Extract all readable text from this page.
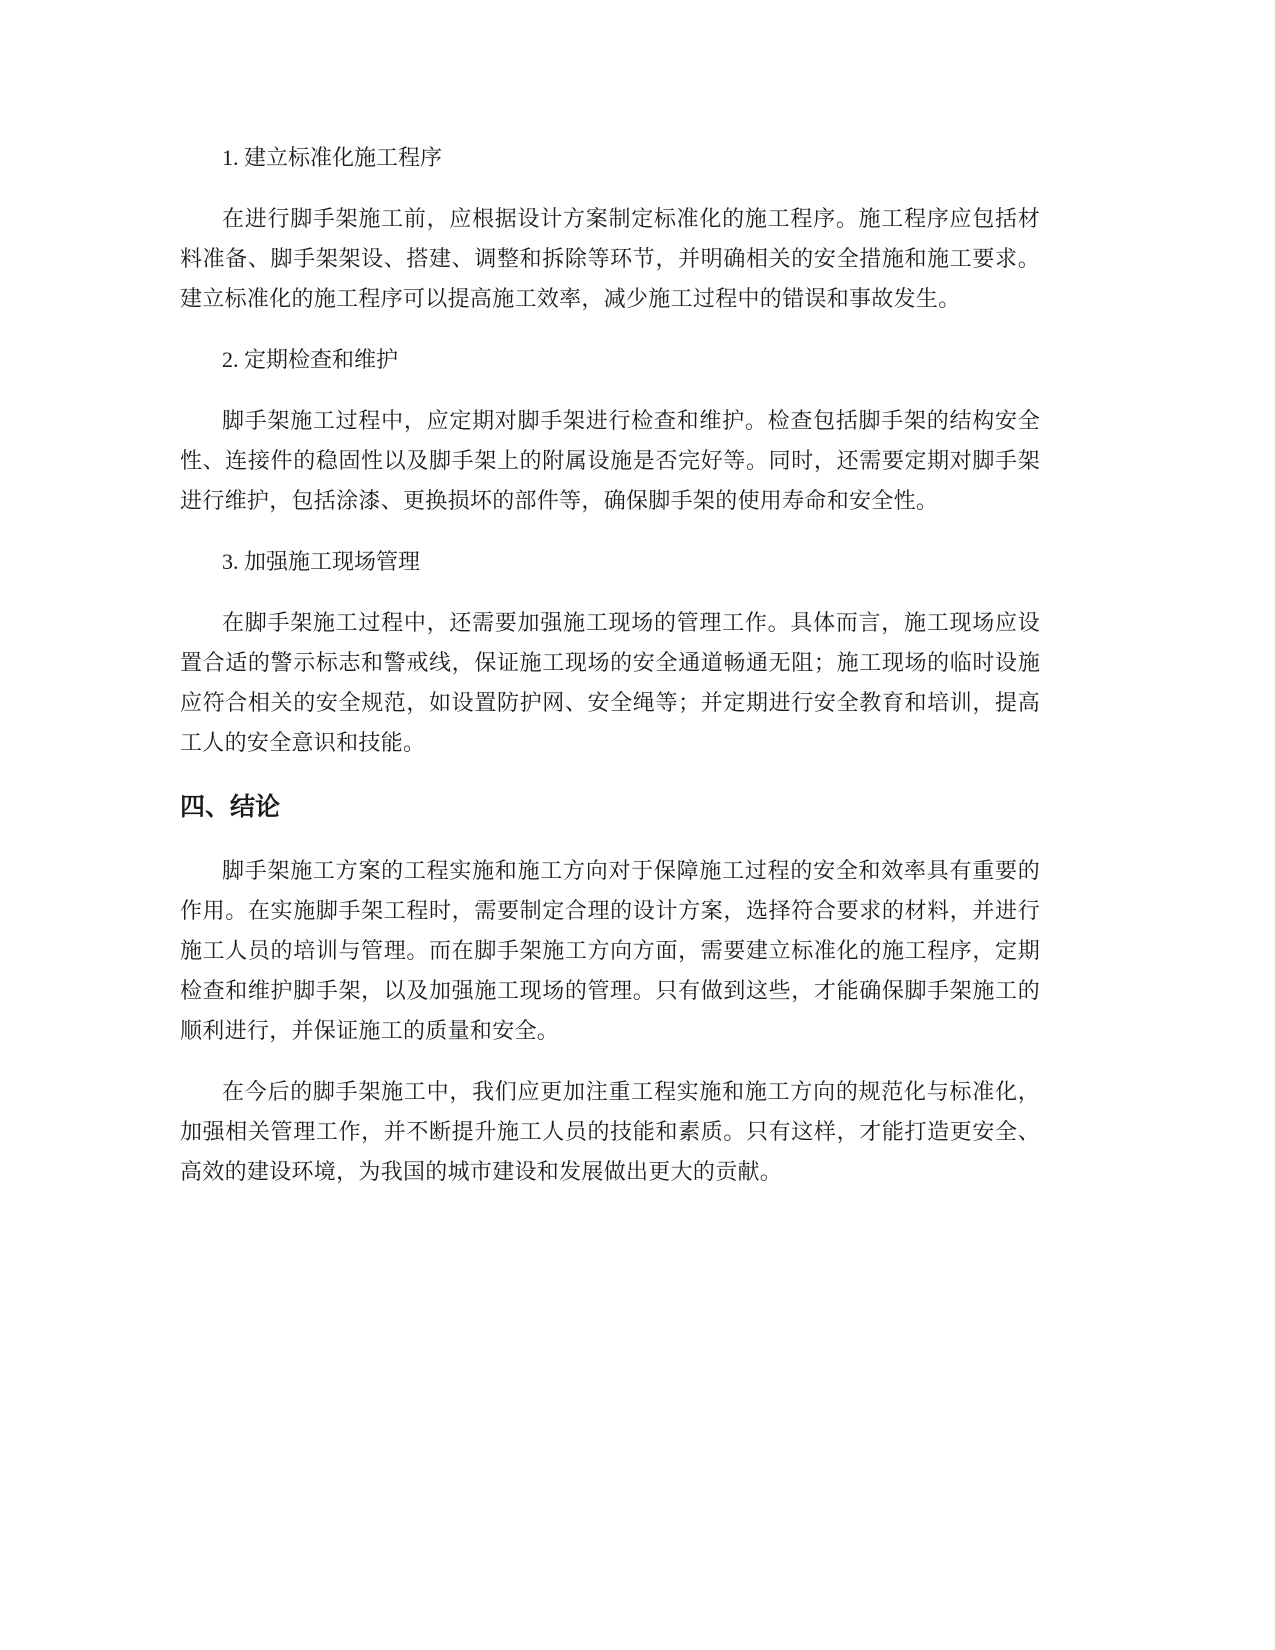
1. 建立标准化施工程序

在进行脚手架施工前，应根据设计方案制定标准化的施工程序。施工程序应包括材料准备、脚手架架设、搭建、调整和拆除等环节，并明确相关的安全措施和施工要求。建立标准化的施工程序可以提高施工效率，减少施工过程中的错误和事故发生。

2. 定期检查和维护

脚手架施工过程中，应定期对脚手架进行检查和维护。检查包括脚手架的结构安全性、连接件的稳固性以及脚手架上的附属设施是否完好等。同时，还需要定期对脚手架进行维护，包括涂漆、更换损坏的部件等，确保脚手架的使用寿命和安全性。

3. 加强施工现场管理

在脚手架施工过程中，还需要加强施工现场的管理工作。具体而言，施工现场应设置合适的警示标志和警戒线，保证施工现场的安全通道畅通无阻；施工现场的临时设施应符合相关的安全规范，如设置防护网、安全绳等；并定期进行安全教育和培训，提高工人的安全意识和技能。

四、结论

脚手架施工方案的工程实施和施工方向对于保障施工过程的安全和效率具有重要的作用。在实施脚手架工程时，需要制定合理的设计方案，选择符合要求的材料，并进行施工人员的培训与管理。而在脚手架施工方向方面，需要建立标准化的施工程序，定期检查和维护脚手架，以及加强施工现场的管理。只有做到这些，才能确保脚手架施工的顺利进行，并保证施工的质量和安全。

在今后的脚手架施工中，我们应更加注重工程实施和施工方向的规范化与标准化，加强相关管理工作，并不断提升施工人员的技能和素质。只有这样，才能打造更安全、高效的建设环境，为我国的城市建设和发展做出更大的贡献。
